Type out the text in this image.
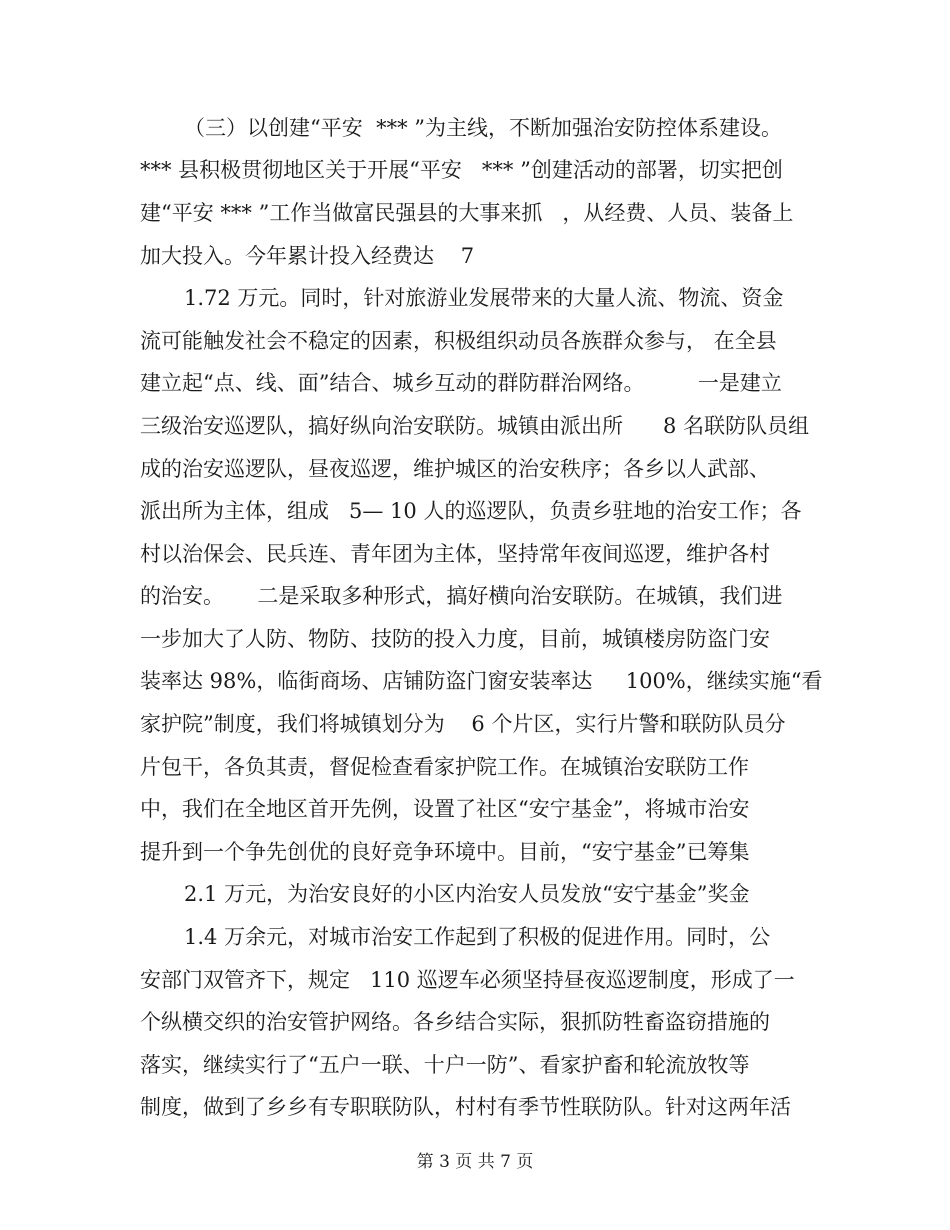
（三）以创建“平安  *** ”为主线，不断加强治安防控体系建设。
*** 县积极贯彻地区关于开展“平安   *** ”创建活动的部署，切实把创
建“平安 *** ”工作当做富民强县的大事来抓   ，从经费、人员、装备上
加大投入。今年累计投入经费达    7
1.72 万元。同时，针对旅游业发展带来的大量人流、物流、资金
流可能触发社会不稳定的因素，积极组织动员各族群众参与， 在全县
建立起“点、线、面”结合、城乡互动的群防群治网络。        一是建立
三级治安巡逻队，搞好纵向治安联防。城镇由派出所      8 名联防队员组
成的治安巡逻队，昼夜巡逻，维护城区的治安秩序；各乡以人武部、
派出所为主体，组成   5— 10 人的巡逻队，负责乡驻地的治安工作；各
村以治保会、民兵连、青年团为主体，坚持常年夜间巡逻，维护各村
的治安。     二是采取多种形式，搞好横向治安联防。在城镇，我们进
一步加大了人防、物防、技防的投入力度，目前，城镇楼房防盗门安
装率达 98%，临街商场、店铺防盗门窗安装率达     100%，继续实施“看
家护院”制度，我们将城镇划分为    6 个片区，实行片警和联防队员分
片包干，各负其责，督促检查看家护院工作。在城镇治安联防工作
中，我们在全地区首开先例，设置了社区“安宁基金”，将城市治安
提升到一个争先创优的良好竞争环境中。目前，“安宁基金”已筹集
2.1 万元，为治安良好的小区内治安人员发放“安宁基金”奖金
1.4 万余元，对城市治安工作起到了积极的促进作用。同时，公
安部门双管齐下，规定   110 巡逻车必须坚持昼夜巡逻制度，形成了一
个纵横交织的治安管护网络。各乡结合实际，狠抓防牲畜盗窃措施的
落实，继续实行了“五户一联、十户一防”、看家护畜和轮流放牧等
制度，做到了乡乡有专职联防队，村村有季节性联防队。针对这两年活
第 3 页 共 7 页
